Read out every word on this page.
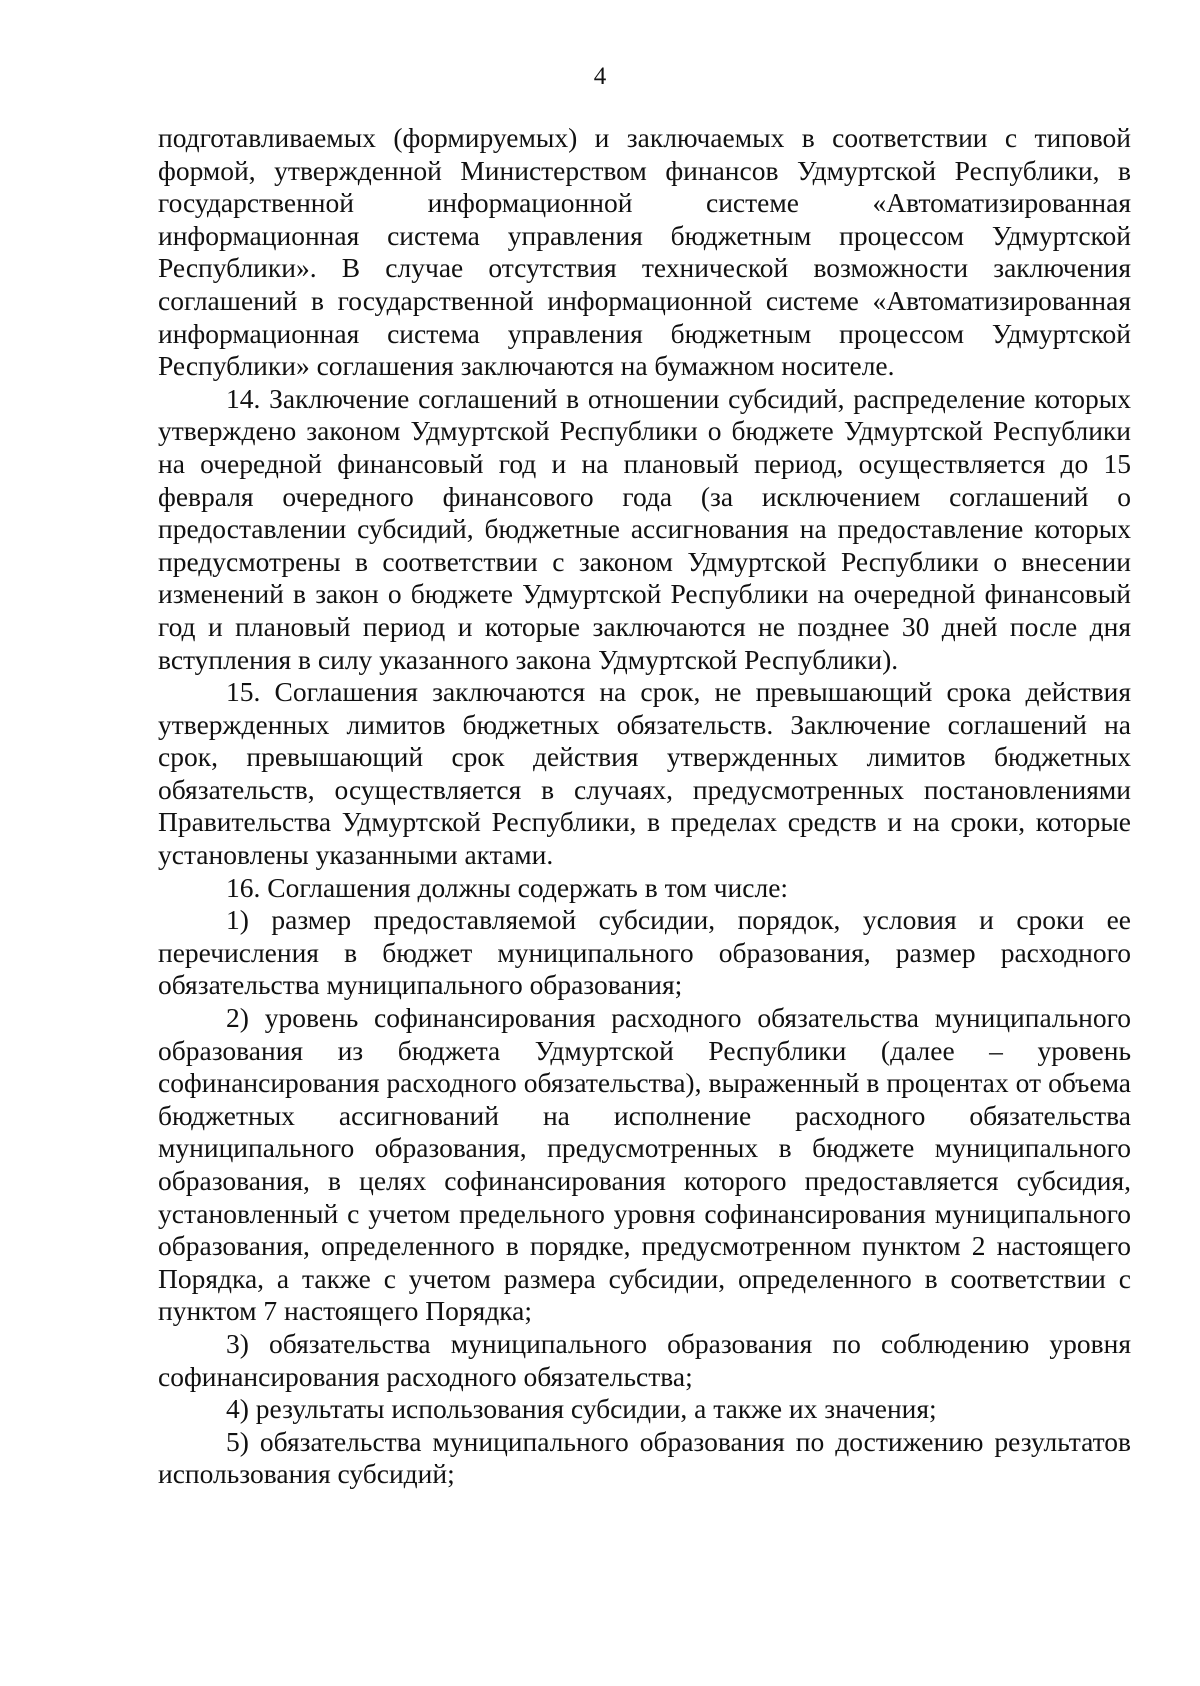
4

подготавливаемых (формируемых) и заключаемых в соответствии с типовой формой, утвержденной Министерством финансов Удмуртской Республики, в государственной информационной системе «Автоматизированная информационная система управления бюджетным процессом Удмуртской Республики». В случае отсутствия технической возможности заключения соглашений в государственной информационной системе «Автоматизированная информационная система управления бюджетным процессом Удмуртской Республики» соглашения заключаются на бумажном носителе.

14. Заключение соглашений в отношении субсидий, распределение которых утверждено законом Удмуртской Республики о бюджете Удмуртской Республики на очередной финансовый год и на плановый период, осуществляется до 15 февраля очередного финансового года (за исключением соглашений о предоставлении субсидий, бюджетные ассигнования на предоставление которых предусмотрены в соответствии с законом Удмуртской Республики о внесении изменений в закон о бюджете Удмуртской Республики на очередной финансовый год и плановый период и которые заключаются не позднее 30 дней после дня вступления в силу указанного закона Удмуртской Республики).

15. Соглашения заключаются на срок, не превышающий срока действия утвержденных лимитов бюджетных обязательств. Заключение соглашений на срок, превышающий срок действия утвержденных лимитов бюджетных обязательств, осуществляется в случаях, предусмотренных постановлениями Правительства Удмуртской Республики, в пределах средств и на сроки, которые установлены указанными актами.

16. Соглашения должны содержать в том числе:

1) размер предоставляемой субсидии, порядок, условия и сроки ее перечисления в бюджет муниципального образования, размер расходного обязательства муниципального образования;

2) уровень софинансирования расходного обязательства муниципального образования из бюджета Удмуртской Республики (далее – уровень софинансирования расходного обязательства), выраженный в процентах от объема бюджетных ассигнований на исполнение расходного обязательства муниципального образования, предусмотренных в бюджете муниципального образования, в целях софинансирования которого предоставляется субсидия, установленный с учетом предельного уровня софинансирования муниципального образования, определенного в порядке, предусмотренном пунктом 2 настоящего Порядка, а также с учетом размера субсидии, определенного в соответствии с пунктом 7 настоящего Порядка;

3) обязательства муниципального образования по соблюдению уровня софинансирования расходного обязательства;

4) результаты использования субсидии, а также их значения;

5) обязательства муниципального образования по достижению результатов использования субсидий;
